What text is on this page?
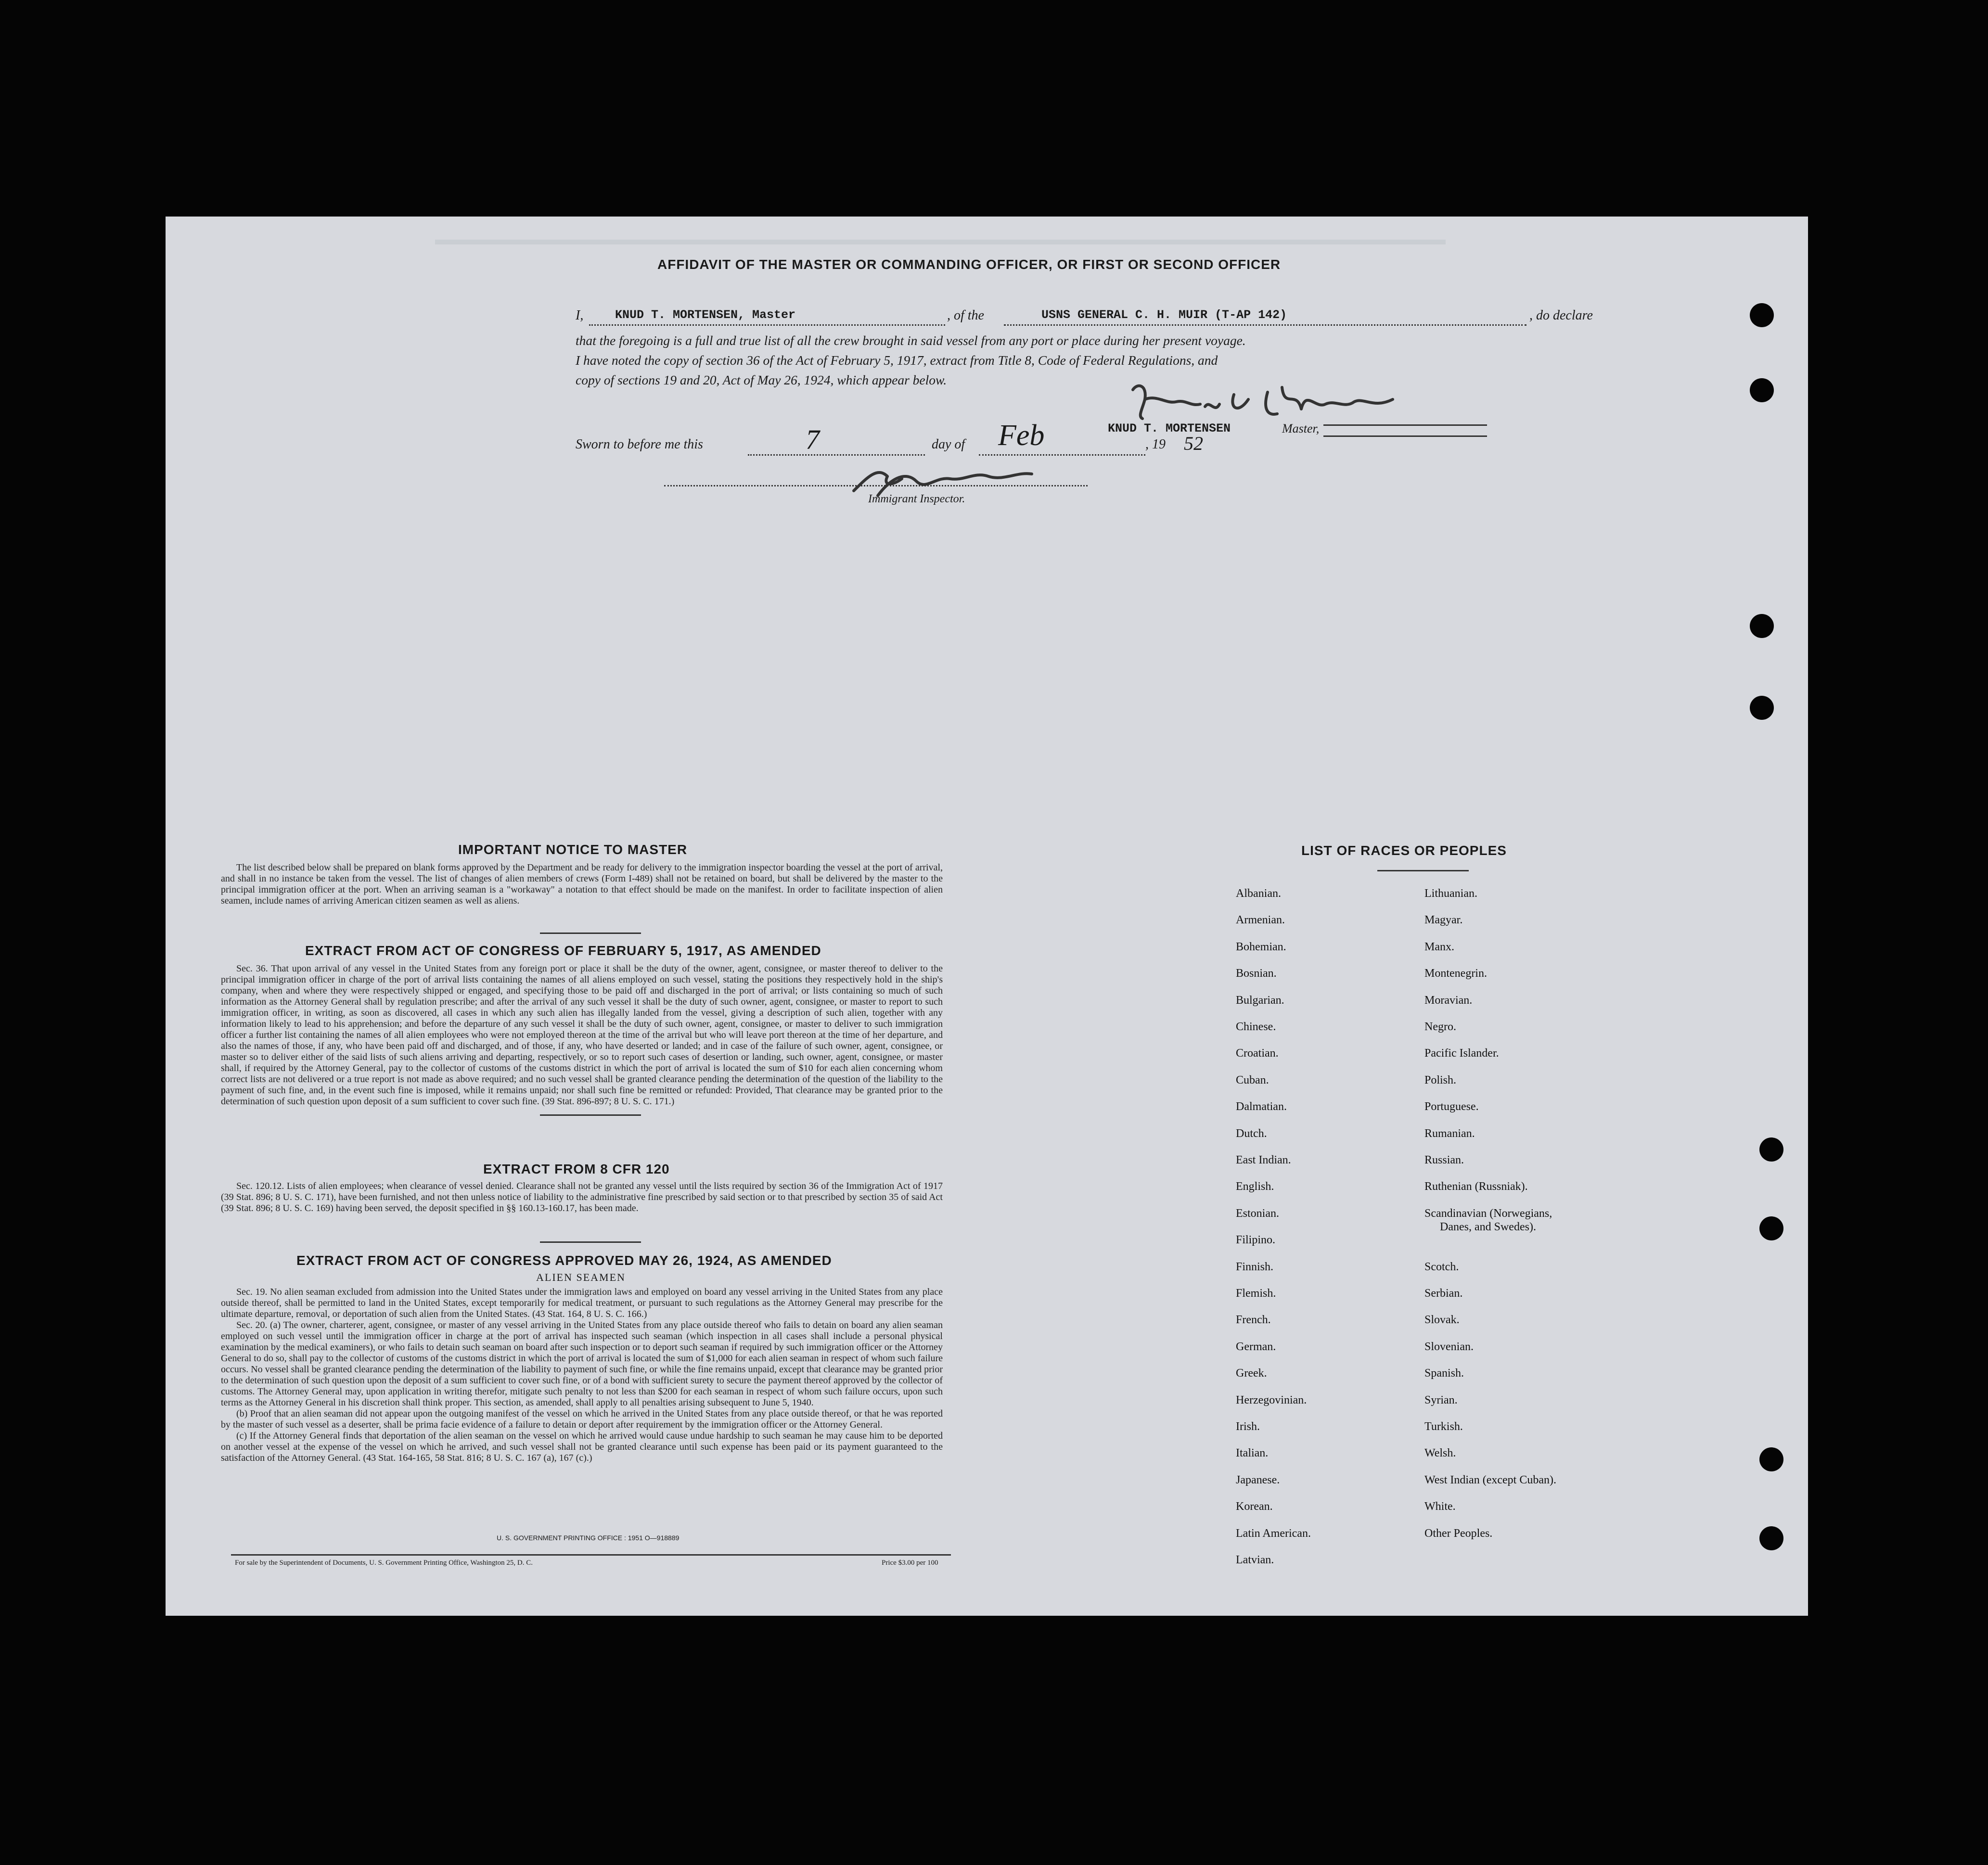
AFFIDAVIT OF THE MASTER OR COMMANDING OFFICER, OR FIRST OR SECOND OFFICER
I,	KNUD T. MORTENSEN, Master	, of the	USNS GENERAL C. H. MUIR (T-AP 142)	, do declare
that the foregoing is a full and true list of all the crew brought in said vessel from any port or place during her present voyage.
I have noted the copy of section 36 of the Act of February 5, 1917, extract from Title 8, Code of Federal Regulations, and
copy of sections 19 and 20, Act of May 26, 1924, which appear below.
Sworn to before me this	7	day of Feb	, 19 52
KNUD T. MORTENSEN	Master,
Immigrant Inspector.
IMPORTANT NOTICE TO MASTER

The list described below shall be prepared on blank forms approved by the Department and be ready for delivery to the immigration inspector boarding the vessel at the port of arrival, and shall in no instance be taken from the vessel. The list of changes of alien members of crews (Form I-489) shall not be retained on board, but shall be delivered by the master to the principal immigration officer at the port. When an arriving seaman is a "workaway" a notation to that effect should be made on the manifest. In order to facilitate inspection of alien seamen, include names of arriving American citizen seamen as well as aliens.

EXTRACT FROM ACT OF CONGRESS OF FEBRUARY 5, 1917, AS AMENDED

Sec. 36. That upon arrival of any vessel in the United States from any foreign port or place it shall be the duty of the owner, agent, consignee, or master thereof to deliver to the principal immigration officer in charge of the port of arrival lists containing the names of all aliens employed on such vessel, stating the positions they respectively hold in the ship's company, when and where they were respectively shipped or engaged, and specifying those to be paid off and discharged in the port of arrival; or lists containing so much of such information as the Attorney General shall by regulation prescribe; and after the arrival of any such vessel it shall be the duty of such owner, agent, consignee, or master to report to such immigration officer, in writing, as soon as discovered, all cases in which any such alien has illegally landed from the vessel, giving a description of such alien, together with any information likely to lead to his apprehension; and before the departure of any such vessel it shall be the duty of such owner, agent, consignee, or master to deliver to such immigration officer a further list containing the names of all alien employees who were not employed thereon at the time of the arrival but who will leave port thereon at the time of her departure, and also the names of those, if any, who have been paid off and discharged, and of those, if any, who have deserted or landed; and in case of the failure of such owner, agent, consignee, or master so to deliver either of the said lists of such aliens arriving and departing, respectively, or so to report such cases of desertion or landing, such owner, agent, consignee, or master shall, if required by the Attorney General, pay to the collector of customs of the customs district in which the port of arrival is located the sum of $10 for each alien concerning whom correct lists are not delivered or a true report is not made as above required; and no such vessel shall be granted clearance pending the determination of the question of the liability to the payment of such fine, and, in the event such fine is imposed, while it remains unpaid; nor shall such fine be remitted or refunded: Provided, That clearance may be granted prior to the determination of such question upon deposit of a sum sufficient to cover such fine. (39 Stat. 896-897; 8 U. S. C. 171.)

EXTRACT FROM 8 CFR 120

Sec. 120.12. Lists of alien employees; when clearance of vessel denied. Clearance shall not be granted any vessel until the lists required by section 36 of the Immigration Act of 1917 (39 Stat. 896; 8 U. S. C. 171), have been furnished, and not then unless notice of liability to the administrative fine prescribed by said section or to that prescribed by section 35 of said Act (39 Stat. 896; 8 U. S. C. 169) having been served, the deposit specified in §§ 160.13-160.17, has been made.

EXTRACT FROM ACT OF CONGRESS APPROVED MAY 26, 1924, AS AMENDED
ALIEN SEAMEN

Sec. 19. No alien seaman excluded from admission into the United States under the immigration laws and employed on board any vessel arriving in the United States from any place outside thereof, shall be permitted to land in the United States, except temporarily for medical treatment, or pursuant to such regulations as the Attorney General may prescribe for the ultimate departure, removal, or deportation of such alien from the United States. (43 Stat. 164, 8 U. S. C. 166.)

Sec. 20. (a) The owner, charterer, agent, consignee, or master of any vessel arriving in the United States from any place outside thereof who fails to detain on board any alien seaman employed on such vessel until the immigration officer in charge at the port of arrival has inspected such seaman (which inspection in all cases shall include a personal physical examination by the medical examiners), or who fails to detain such seaman on board after such inspection or to deport such seaman if required by such immigration officer or the Attorney General to do so, shall pay to the collector of customs of the customs district in which the port of arrival is located the sum of $1,000 for each alien seaman in respect of whom such failure occurs. No vessel shall be granted clearance pending the determination of the liability to payment of such fine, or while the fine remains unpaid, except that clearance may be granted prior to the determination of such question upon the deposit of a sum sufficient to cover such fine, or of a bond with sufficient surety to secure the payment thereof approved by the collector of customs. The Attorney General may, upon application in writing therefor, mitigate such penalty to not less than $200 for each seaman in respect of whom such failure occurs, upon such terms as the Attorney General in his discretion shall think proper. This section, as amended, shall apply to all penalties arising subsequent to June 5, 1940.

(b) Proof that an alien seaman did not appear upon the outgoing manifest of the vessel on which he arrived in the United States from any place outside thereof, or that he was reported by the master of such vessel as a deserter, shall be prima facie evidence of a failure to detain or deport after requirement by the immigration officer or the Attorney General.

(c) If the Attorney General finds that deportation of the alien seaman on the vessel on which he arrived would cause undue hardship to such seaman he may cause him to be deported on another vessel at the expense of the vessel on which he arrived, and such vessel shall not be granted clearance until such expense has been paid or its payment guaranteed to the satisfaction of the Attorney General. (43 Stat. 164-165, 58 Stat. 816; 8 U. S. C. 167 (a), 167 (c).)

U. S. GOVERNMENT PRINTING OFFICE : 1951 O—918889
For sale by the Superintendent of Documents, U. S. Government Printing Office, Washington 25, D. C.	Price $3.00 per 100
LIST OF RACES OR PEOPLES
Albanian.
Armenian.
Bohemian.
Bosnian.
Bulgarian.
Chinese.
Croatian.
Cuban.
Dalmatian.
Dutch.
East Indian.
English.
Estonian.
Filipino.
Finnish.
Flemish.
French.
German.
Greek.
Herzegovinian.
Irish.
Italian.
Japanese.
Korean.
Latin American.
Latvian.
Lithuanian.
Magyar.
Manx.
Montenegrin.
Moravian.
Negro.
Pacific Islander.
Polish.
Portuguese.
Rumanian.
Russian.
Ruthenian (Russniak).
Scandinavian (Norwegians,
Danes, and Swedes).
Scotch.
Serbian.
Slovak.
Slovenian.
Spanish.
Syrian.
Turkish.
Welsh.
West Indian (except Cuban).
White.
Other Peoples.
